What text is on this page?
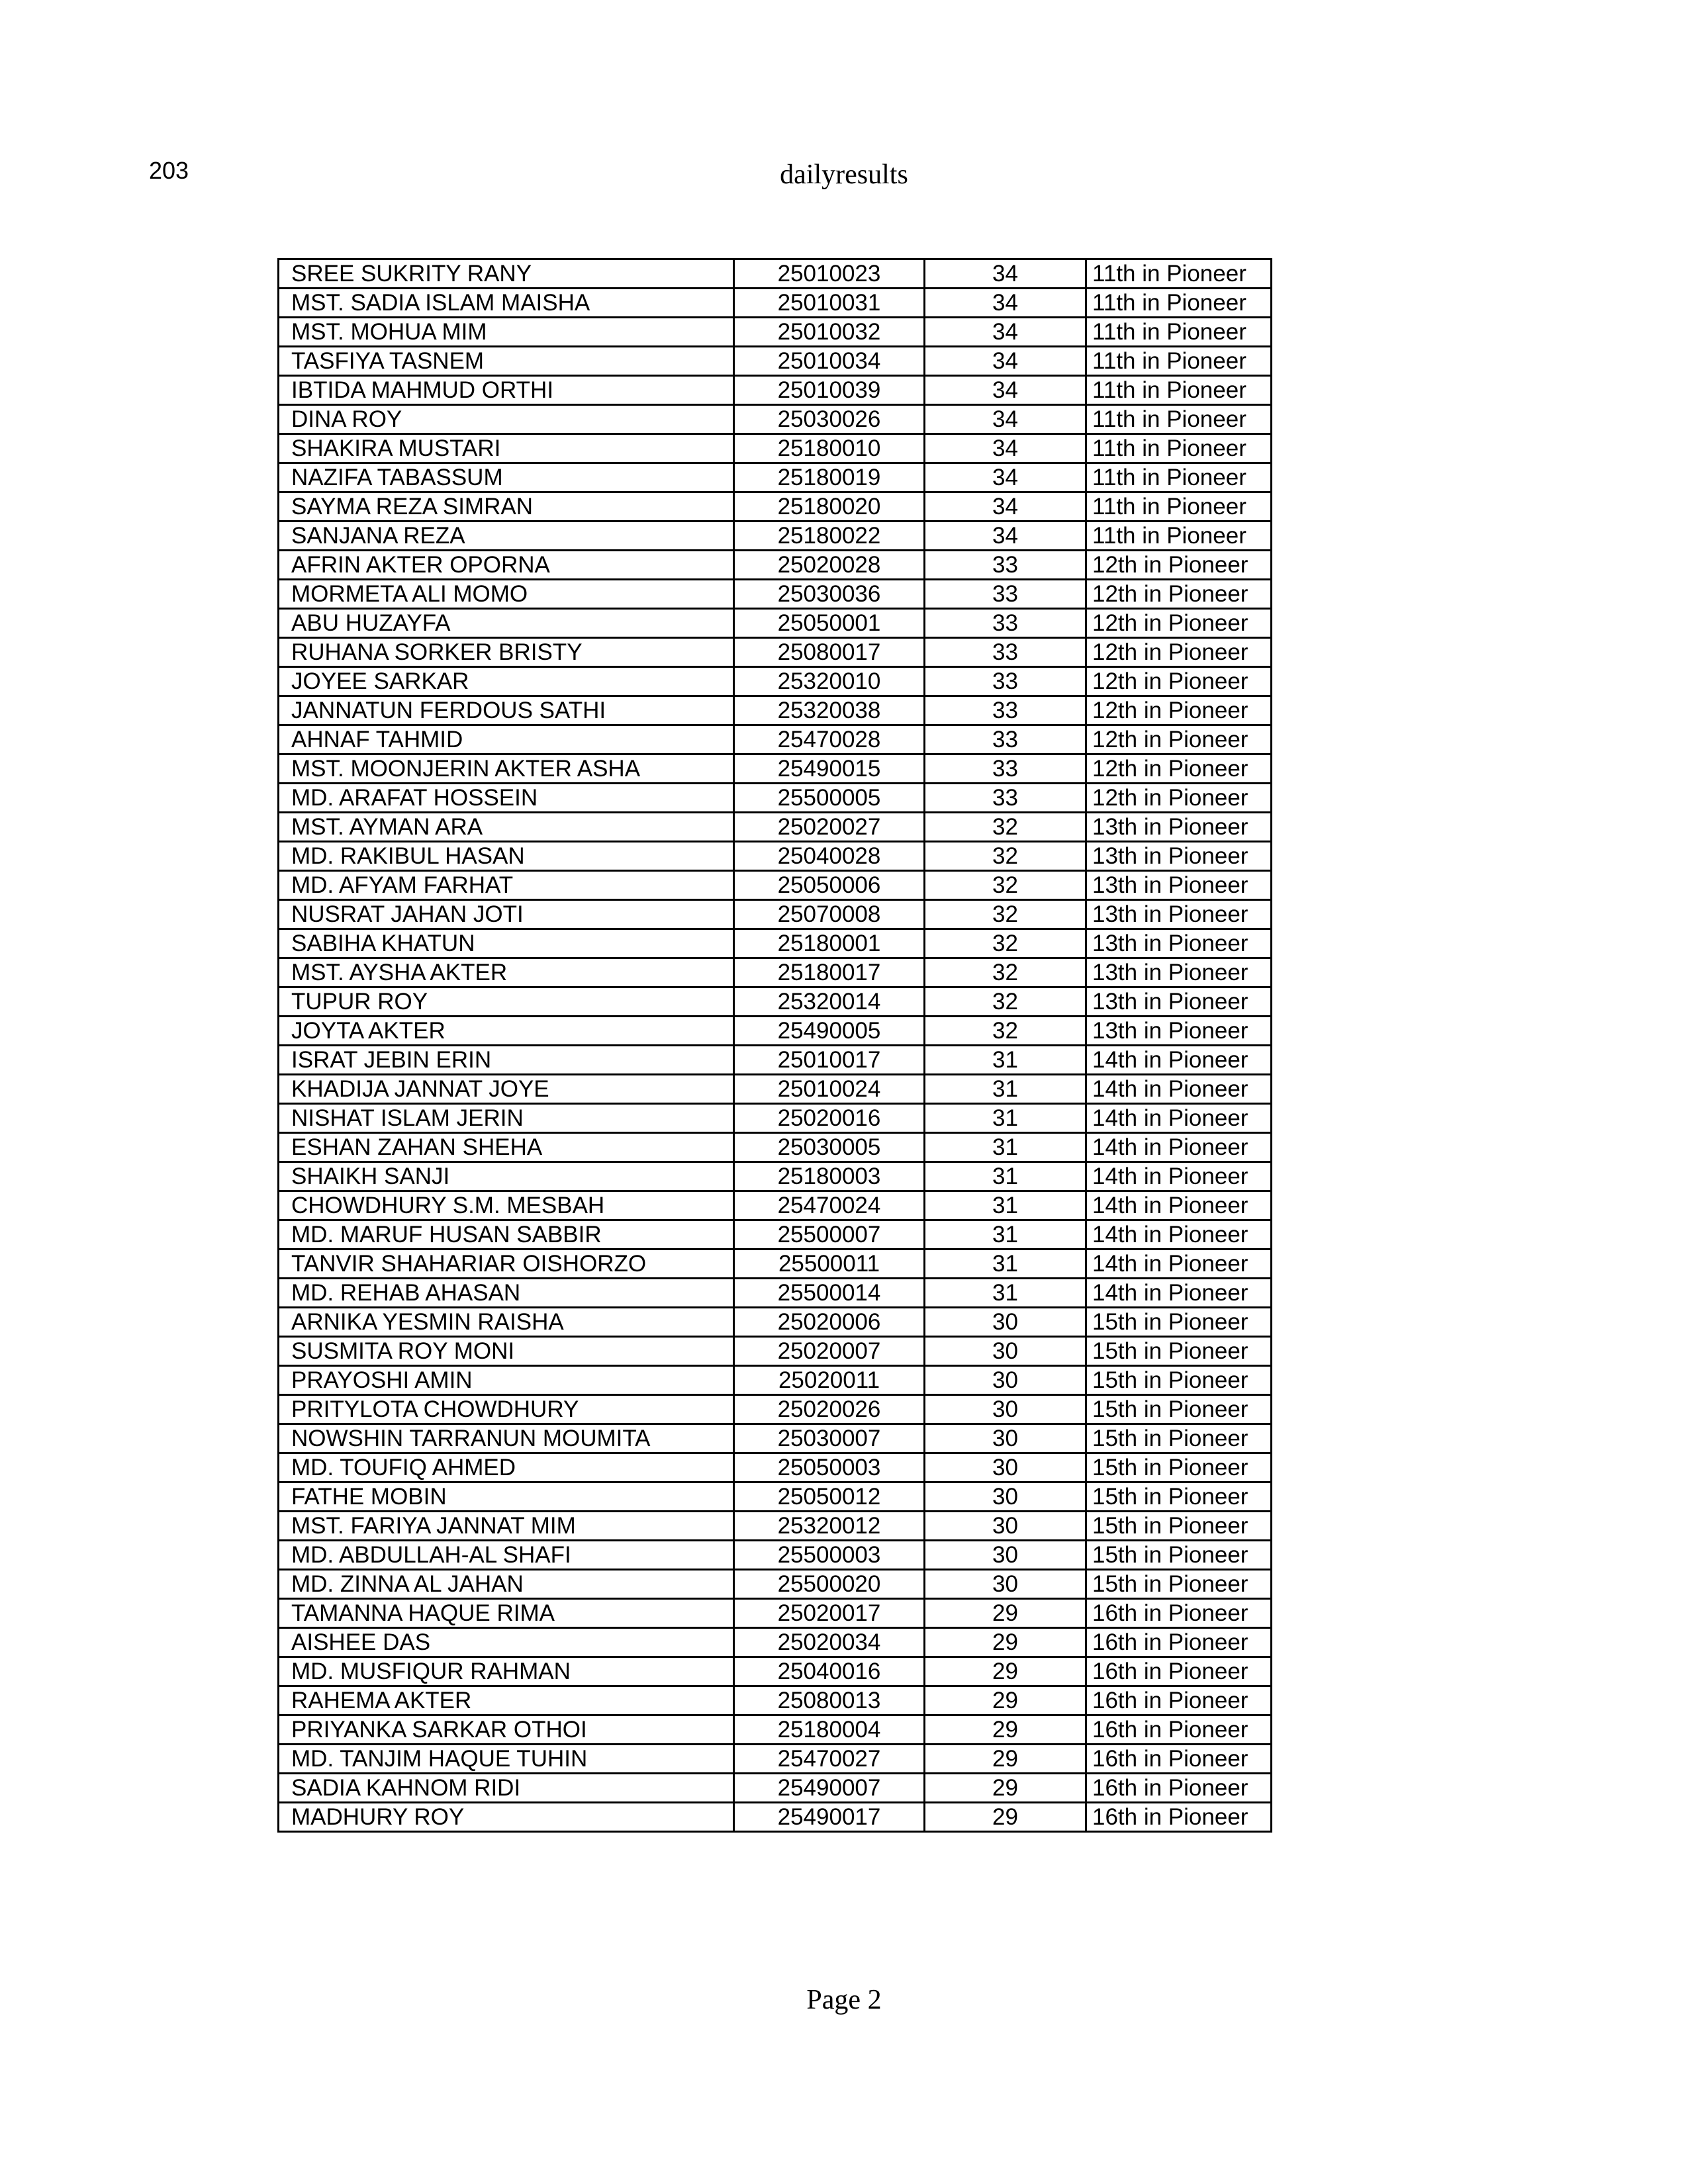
203	dailyresults
SREE SUKRITY RANY	25010023	34	11th in Pioneer
MST. SADIA ISLAM MAISHA	25010031	34	11th in Pioneer
MST. MOHUA MIM	25010032	34	11th in Pioneer
TASFIYA TASNEM	25010034	34	11th in Pioneer
IBTIDA MAHMUD ORTHI	25010039	34	11th in Pioneer
DINA ROY	25030026	34	11th in Pioneer
SHAKIRA MUSTARI	25180010	34	11th in Pioneer
NAZIFA TABASSUM	25180019	34	11th in Pioneer
SAYMA REZA SIMRAN	25180020	34	11th in Pioneer
SANJANA REZA	25180022	34	11th in Pioneer
AFRIN AKTER OPORNA	25020028	33	12th in Pioneer
MORMETA ALI MOMO	25030036	33	12th in Pioneer
ABU HUZAYFA	25050001	33	12th in Pioneer
RUHANA SORKER BRISTY	25080017	33	12th in Pioneer
JOYEE SARKAR	25320010	33	12th in Pioneer
JANNATUN FERDOUS SATHI	25320038	33	12th in Pioneer
AHNAF TAHMID	25470028	33	12th in Pioneer
MST. MOONJERIN AKTER ASHA	25490015	33	12th in Pioneer
MD. ARAFAT HOSSEIN	25500005	33	12th in Pioneer
MST. AYMAN ARA	25020027	32	13th in Pioneer
MD. RAKIBUL HASAN	25040028	32	13th in Pioneer
MD. AFYAM FARHAT	25050006	32	13th in Pioneer
NUSRAT JAHAN JOTI	25070008	32	13th in Pioneer
SABIHA KHATUN	25180001	32	13th in Pioneer
MST. AYSHA AKTER	25180017	32	13th in Pioneer
TUPUR ROY	25320014	32	13th in Pioneer
JOYTA AKTER	25490005	32	13th in Pioneer
ISRAT JEBIN ERIN	25010017	31	14th in Pioneer
KHADIJA JANNAT JOYE	25010024	31	14th in Pioneer
NISHAT ISLAM JERIN	25020016	31	14th in Pioneer
ESHAN ZAHAN SHEHA	25030005	31	14th in Pioneer
SHAIKH SANJI	25180003	31	14th in Pioneer
CHOWDHURY S.M. MESBAH	25470024	31	14th in Pioneer
MD. MARUF HUSAN SABBIR	25500007	31	14th in Pioneer
TANVIR SHAHARIAR OISHORZO	25500011	31	14th in Pioneer
MD. REHAB AHASAN	25500014	31	14th in Pioneer
ARNIKA YESMIN RAISHA	25020006	30	15th in Pioneer
SUSMITA ROY MONI	25020007	30	15th in Pioneer
PRAYOSHI AMIN	25020011	30	15th in Pioneer
PRITYLOTA CHOWDHURY	25020026	30	15th in Pioneer
NOWSHIN TARRANUN MOUMITA	25030007	30	15th in Pioneer
MD. TOUFIQ AHMED	25050003	30	15th in Pioneer
FATHE MOBIN	25050012	30	15th in Pioneer
MST. FARIYA JANNAT MIM	25320012	30	15th in Pioneer
MD. ABDULLAH-AL SHAFI	25500003	30	15th in Pioneer
MD. ZINNA AL JAHAN	25500020	30	15th in Pioneer
TAMANNA HAQUE RIMA	25020017	29	16th in Pioneer
AISHEE DAS	25020034	29	16th in Pioneer
MD. MUSFIQUR RAHMAN	25040016	29	16th in Pioneer
RAHEMA AKTER	25080013	29	16th in Pioneer
PRIYANKA SARKAR OTHOI	25180004	29	16th in Pioneer
MD. TANJIM HAQUE TUHIN	25470027	29	16th in Pioneer
SADIA KAHNOM RIDI	25490007	29	16th in Pioneer
MADHURY ROY	25490017	29	16th in Pioneer
Page 2
